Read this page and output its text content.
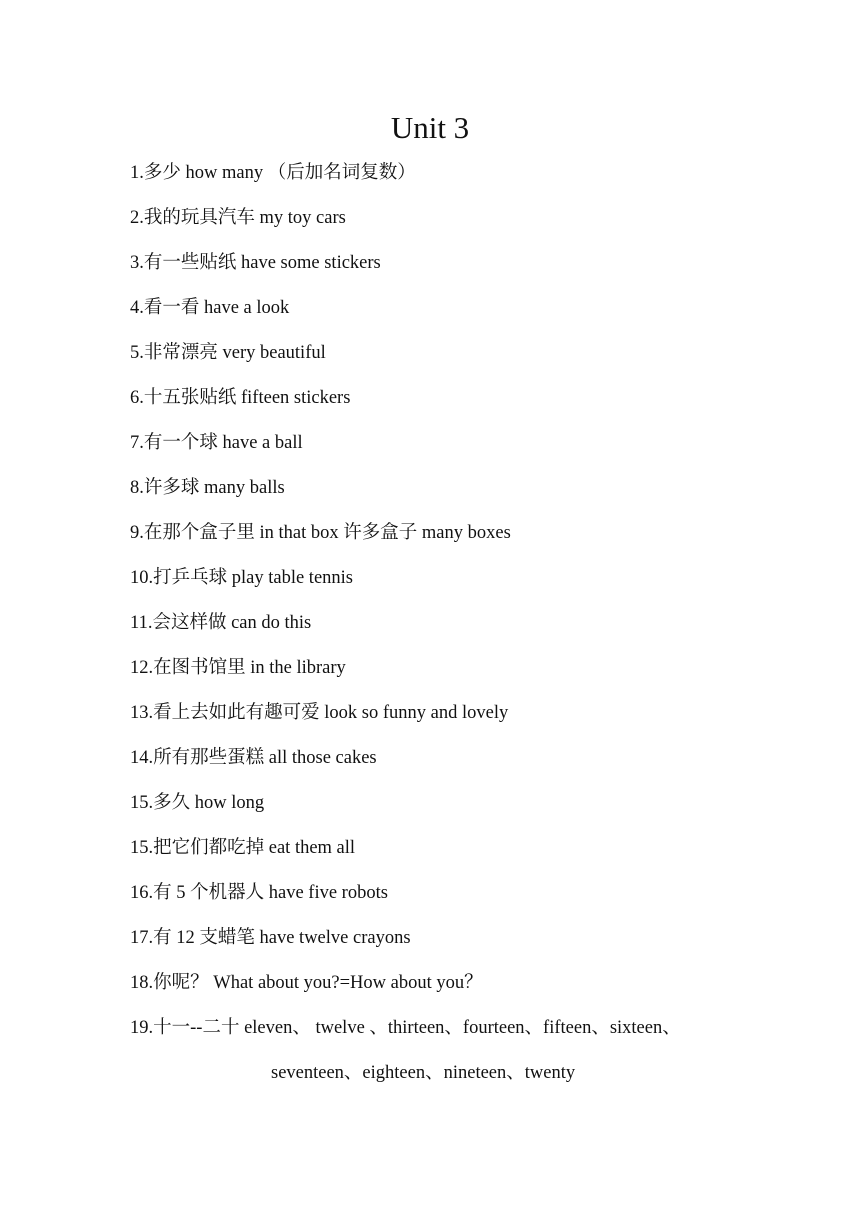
Unit 3
1.多少 how many （后加名词复数）
2.我的玩具汽车 my toy cars
3.有一些贴纸 have some stickers
4.看一看 have a look
5.非常漂亮 very beautiful
6.十五张贴纸 fifteen stickers
7.有一个球 have a ball
8.许多球 many balls
9.在那个盒子里 in that box 许多盒子 many boxes
10.打乒乓球 play table tennis
11.会这样做 can do this
12.在图书馆里 in the library
13.看上去如此有趣可爱 look so funny and lovely
14.所有那些蛋糕 all those cakes
15.多久 how long
15.把它们都吃掉 eat them all
16.有 5 个机器人 have five robots
17.有 12 支蜡笔 have twelve crayons
18.你呢？ What about you?=How about you？
19.十一--二十 eleven、 twelve 、thirteen、fourteen、fifteen、sixteen、
seventeen、eighteen、nineteen、twenty
